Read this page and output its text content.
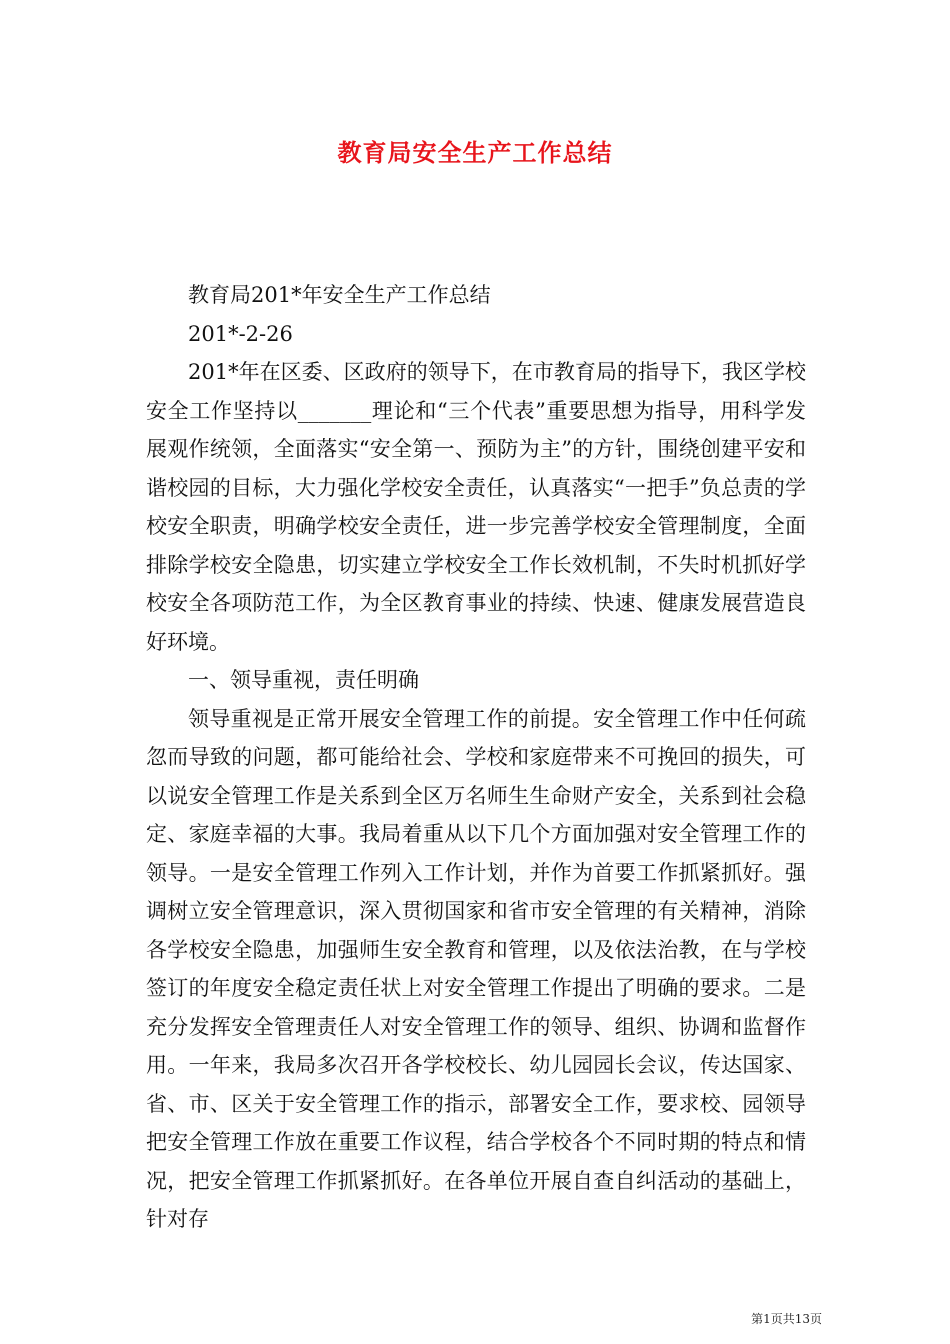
教育局安全生产工作总结

教育局201*年安全生产工作总结

201*-2-26

201*年在区委、区政府的领导下，在市教育局的指导下，我区学校安全工作坚持以_______理论和“三个代表”重要思想为指导，用科学发展观作统领，全面落实“安全第一、预防为主”的方针，围绕创建平安和谐校园的目标，大力强化学校安全责任，认真落实“一把手”负总责的学校安全职责，明确学校安全责任，进一步完善学校安全管理制度，全面排除学校安全隐患，切实建立学校安全工作长效机制，不失时机抓好学校安全各项防范工作，为全区教育事业的持续、快速、健康发展营造良好环境。

一、领导重视，责任明确

领导重视是正常开展安全管理工作的前提。安全管理工作中任何疏忽而导致的问题，都可能给社会、学校和家庭带来不可挽回的损失，可以说安全管理工作是关系到全区万名师生生命财产安全，关系到社会稳定、家庭幸福的大事。我局着重从以下几个方面加强对安全管理工作的领导。一是安全管理工作列入工作计划，并作为首要工作抓紧抓好。强调树立安全管理意识，深入贯彻国家和省市安全管理的有关精神，消除各学校安全隐患，加强师生安全教育和管理，以及依法治教，在与学校签订的年度安全稳定责任状上对安全管理工作提出了明确的要求。二是充分发挥安全管理责任人对安全管理工作的领导、组织、协调和监督作用。一年来，我局多次召开各学校校长、幼儿园园长会议，传达国家、省、市、区关于安全管理工作的指示，部署安全工作，要求校、园领导把安全管理工作放在重要工作议程，结合学校各个不同时期的特点和情况，把安全管理工作抓紧抓好。在各单位开展自查自纠活动的基础上，针对存

第1页共13页
